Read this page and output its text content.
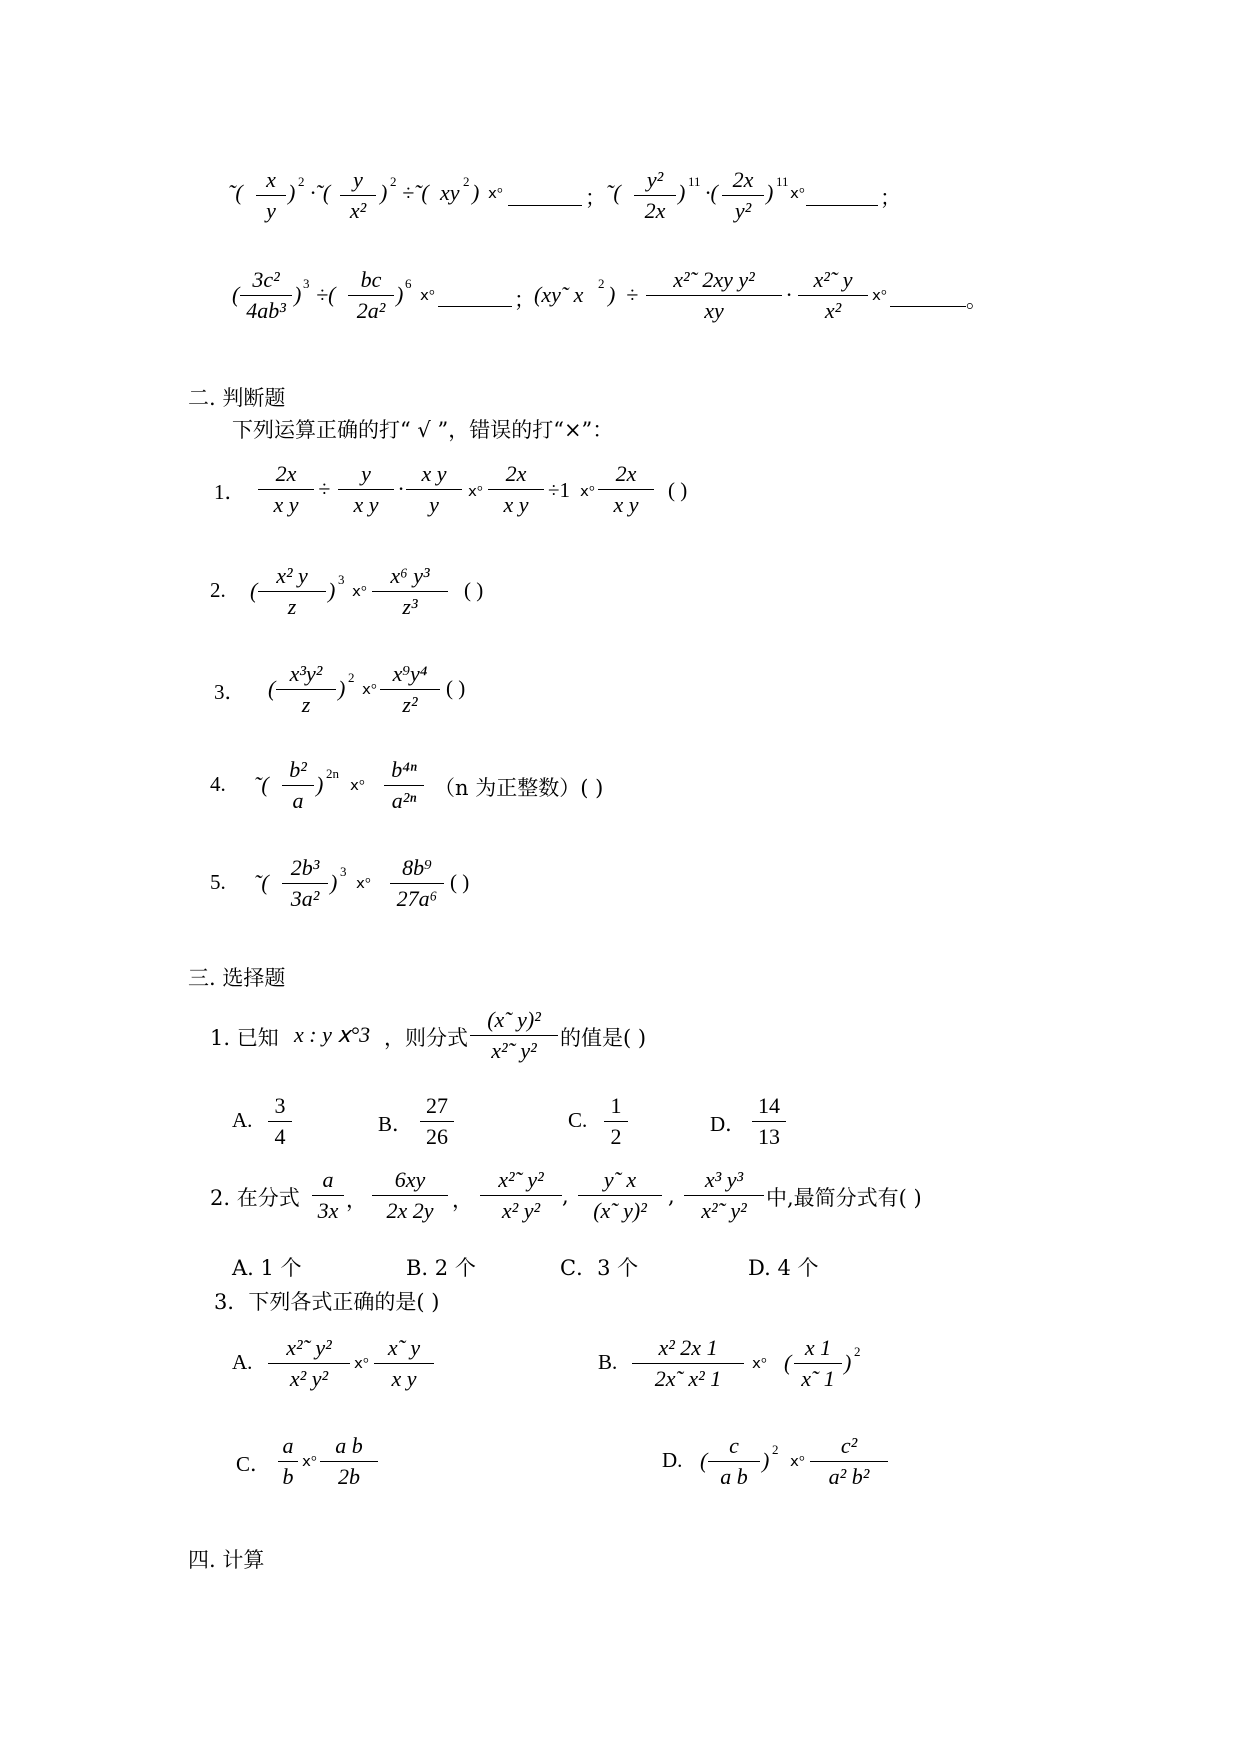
˜(
x
y
) 2 ·˜(
y
x²
) 2 ÷˜( xy 2 ) ⅹ°	； ˜(
y²
2x
) 11 ·(
2x
y²
) 11
ⅹ°	；
(
3c²
4ab³
) 3 ÷(
bc
2a²
) 6
ⅹ°	； (xy˜ x 2 ) ÷
x²˜ 2xy y²
xy
·
x²˜ y
x²
ⅹ°	。
二. 判断题
下列运算正确的打“ √ ”，错误的打“×”：
1．
2x
x y
÷
y
x y
·
x y
y	ⅹ°
2x
x y
÷1 ⅹ°
2x
x y
( )
2. (
x² y
z
) 3
ⅹ°
x⁶ y³
z³
( )
3． (
x³y²
z
) 2
ⅹ°
x⁹y⁴
z²
( )
4. ˜(
b²
a
) 2n
ⅹ°
b⁴ⁿ
a²ⁿ （n 为正整数）( )
5. ˜(
2b³
3a²
) 3
ⅹ°
8b⁹
27a⁶
( )
三. 选择题
1. 已知 x : y ⅹ°3 ，则分式
(x˜ y)²
x²˜ y²	的值是( )
A.
3
4	B．
27
26
C.
1
2	D．
14
13
2. 在分式
a
3x ，
6xy
2x 2y ，
x²˜ y²
x² y²
,
y˜ x
(x˜ y)²
,
x³ y³
x²˜ y² 中,最简分式有( )
A. 1 个	B. 2 个	C．3 个	D. 4 个
3．下列各式正确的是( )
A.
x²˜ y²
x² y²
ⅹ°
x˜ y
x y
B.
x² 2x 1
2x˜ x² 1
ⅹ° (
x 1
x˜ 1
) 2
C．
a
b
ⅹ°
a b
2b
D. (
c
a b
) 2
ⅹ°
c²
a² b²
四. 计算
